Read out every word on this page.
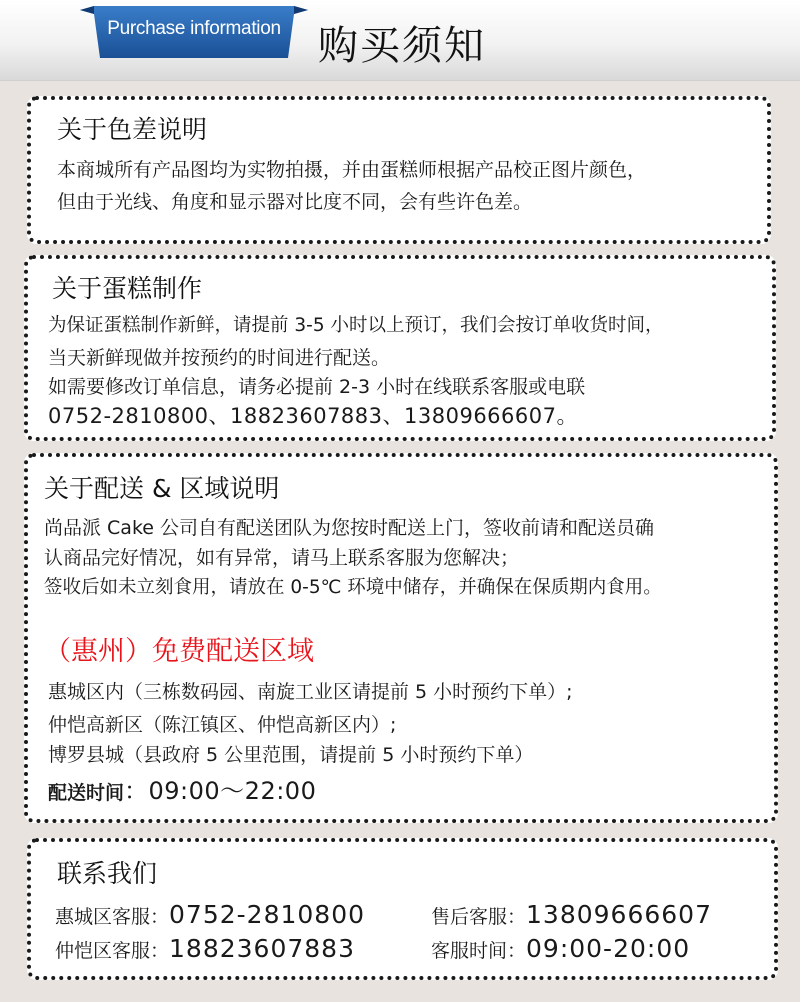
Purchase information 购买须知
关于色差说明

本商城所有产品图均为实物拍摄，并由蛋糕师根据产品校正图片颜色，

但由于光线、角度和显示器对比度不同，会有些许色差。

关于蛋糕制作

为保证蛋糕制作新鲜，请提前 3-5 小时以上预订，我们会按订单收货时间，

当天新鲜现做并按预约的时间进行配送。

如需要修改订单信息，请务必提前 2-3 小时在线联系客服或电联

0752-2810800、18823607883、13809666607。

关于配送 & 区域说明

尚品派 Cake 公司自有配送团队为您按时配送上门，签收前请和配送员确

认商品完好情况，如有异常，请马上联系客服为您解决；

签收后如未立刻食用，请放在 0-5℃ 环境中储存，并确保在保质期内食用。

（惠州）免费配送区域

惠城区内（三栋数码园、南旋工业区请提前 5 小时预约下单）;

仲恺高新区（陈江镇区、仲恺高新区内）;

博罗县城（县政府 5 公里范围，请提前 5 小时预约下单）

配送时间：09:00～22:00
联系我们
惠城区客服：0752-2810800	售后客服：13809666607
仲恺区客服：18823607883	客服时间：09:00-20:00
